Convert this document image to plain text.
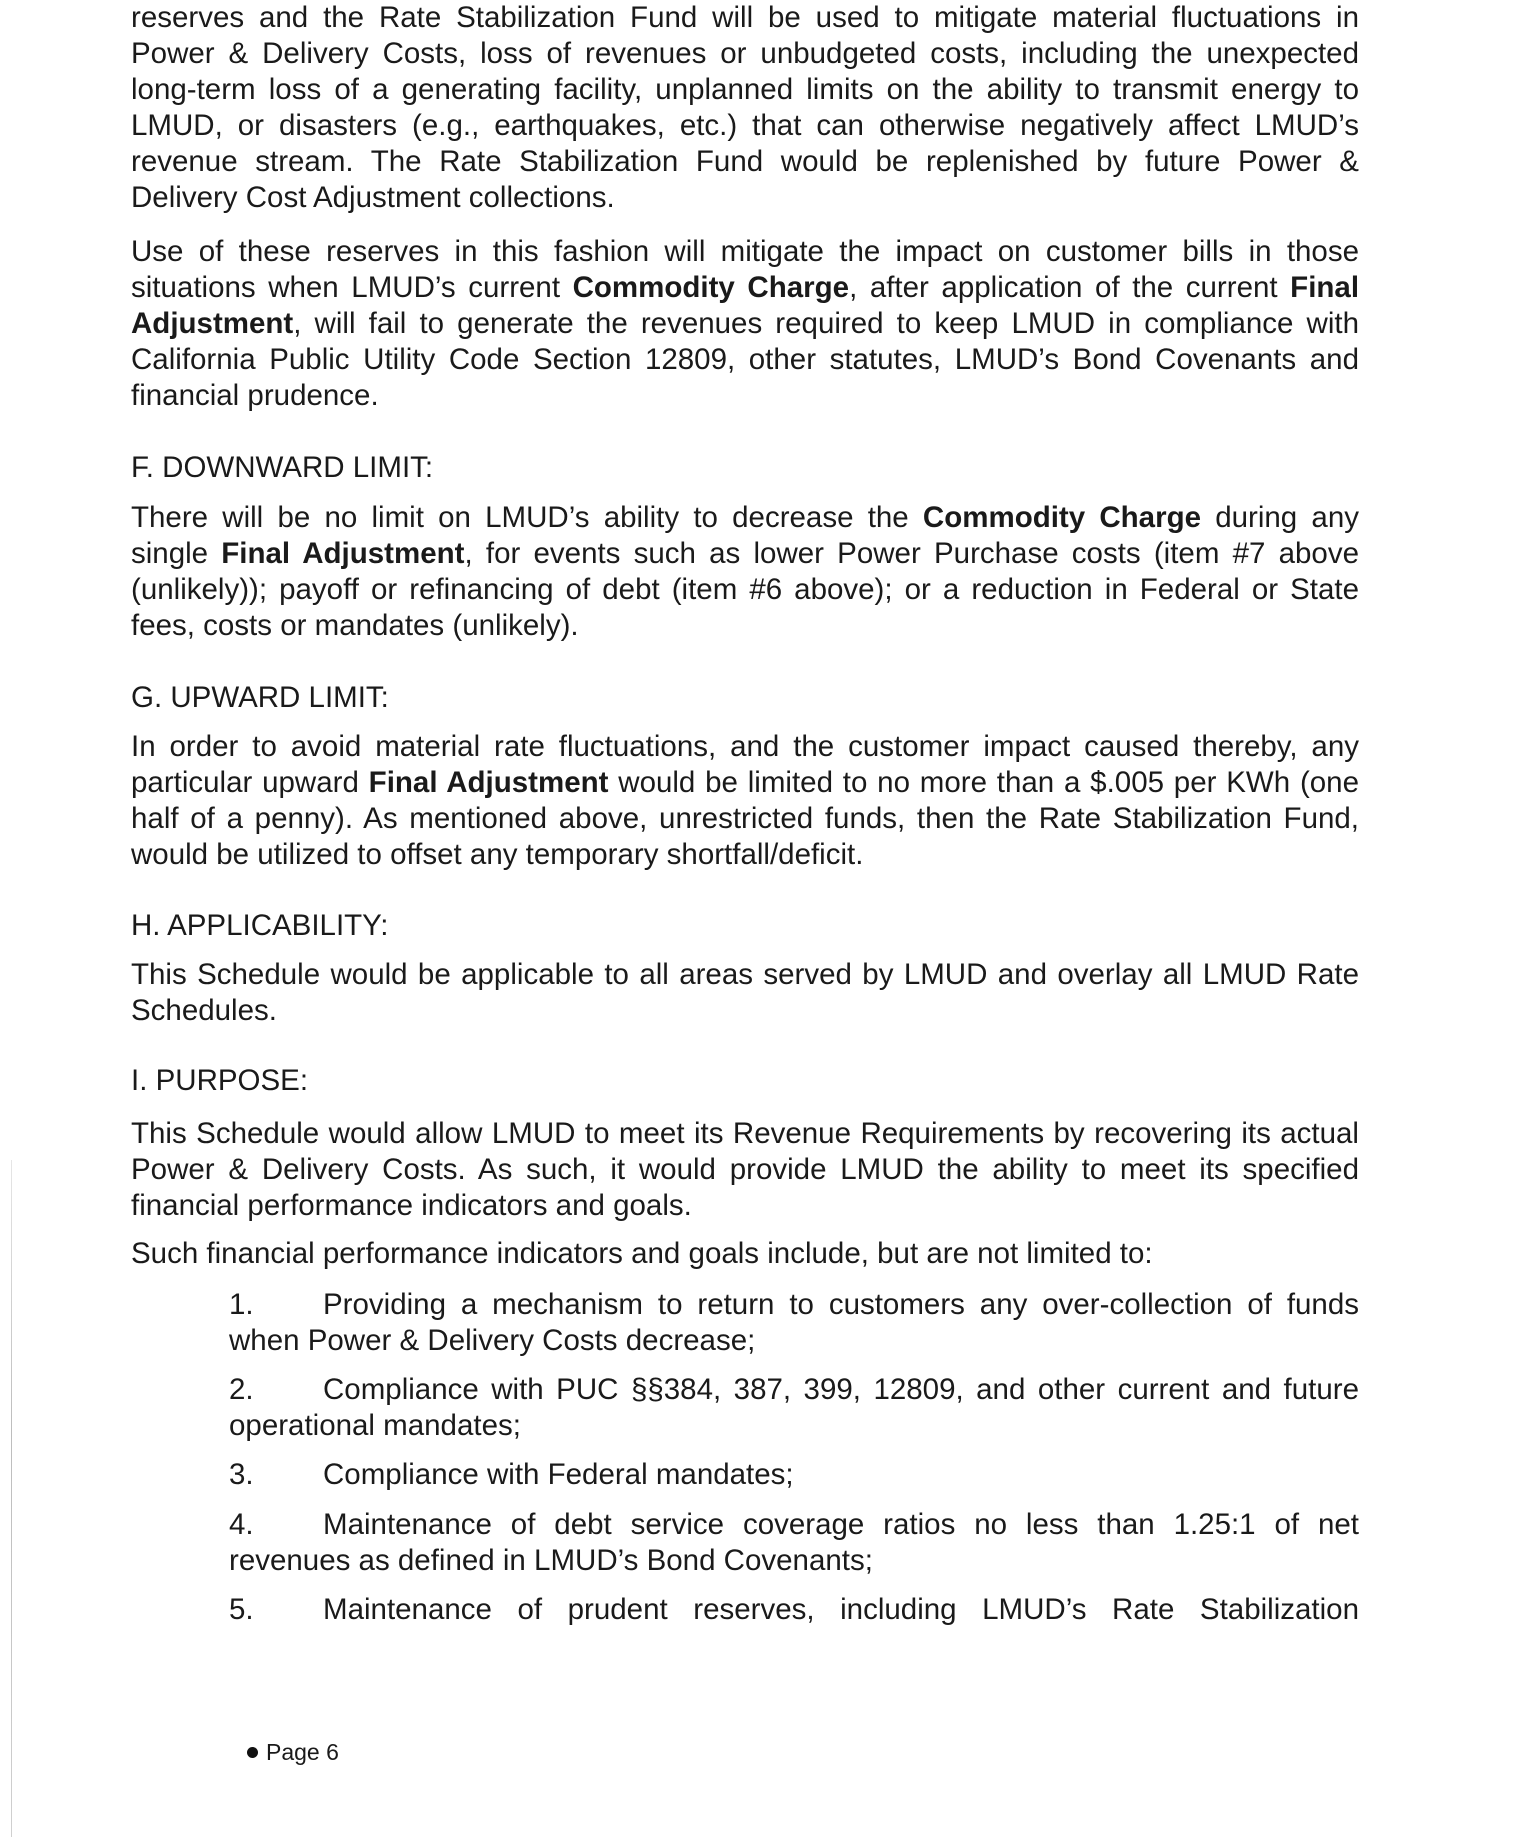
reserves and the Rate Stabilization Fund will be used to mitigate material fluctuations in Power & Delivery Costs, loss of revenues or unbudgeted costs, including the unexpected long-term loss of a generating facility, unplanned limits on the ability to transmit energy to LMUD, or disasters (e.g., earthquakes, etc.) that can otherwise negatively affect LMUD’s revenue stream. The Rate Stabilization Fund would be replenished by future Power & Delivery Cost Adjustment collections.

Use of these reserves in this fashion will mitigate the impact on customer bills in those situations when LMUD’s current Commodity Charge, after application of the current Final Adjustment, will fail to generate the revenues required to keep LMUD in compliance with California Public Utility Code Section 12809, other statutes, LMUD’s Bond Covenants and financial prudence.

F. DOWNWARD LIMIT:

There will be no limit on LMUD’s ability to decrease the Commodity Charge during any single Final Adjustment, for events such as lower Power Purchase costs (item #7 above (unlikely)); payoff or refinancing of debt (item #6 above); or a reduction in Federal or State fees, costs or mandates (unlikely).

G. UPWARD LIMIT:

In order to avoid material rate fluctuations, and the customer impact caused thereby, any particular upward Final Adjustment would be limited to no more than a $.005 per KWh (one half of a penny). As mentioned above, unrestricted funds, then the Rate Stabilization Fund, would be utilized to offset any temporary shortfall/deficit.

H. APPLICABILITY:

This Schedule would be applicable to all areas served by LMUD and overlay all LMUD Rate Schedules.

I. PURPOSE:

This Schedule would allow LMUD to meet its Revenue Requirements by recovering its actual Power & Delivery Costs. As such, it would provide LMUD the ability to meet its specified financial performance indicators and goals.

Such financial performance indicators and goals include, but are not limited to:

1. Providing a mechanism to return to customers any over-collection of funds when Power & Delivery Costs decrease;

2. Compliance with PUC §§384, 387, 399, 12809, and other current and future operational mandates;

3. Compliance with Federal mandates;

4. Maintenance of debt service coverage ratios no less than 1.25:1 of net revenues as defined in LMUD’s Bond Covenants;

5. Maintenance of prudent reserves, including LMUD’s Rate Stabilization

Page 6
